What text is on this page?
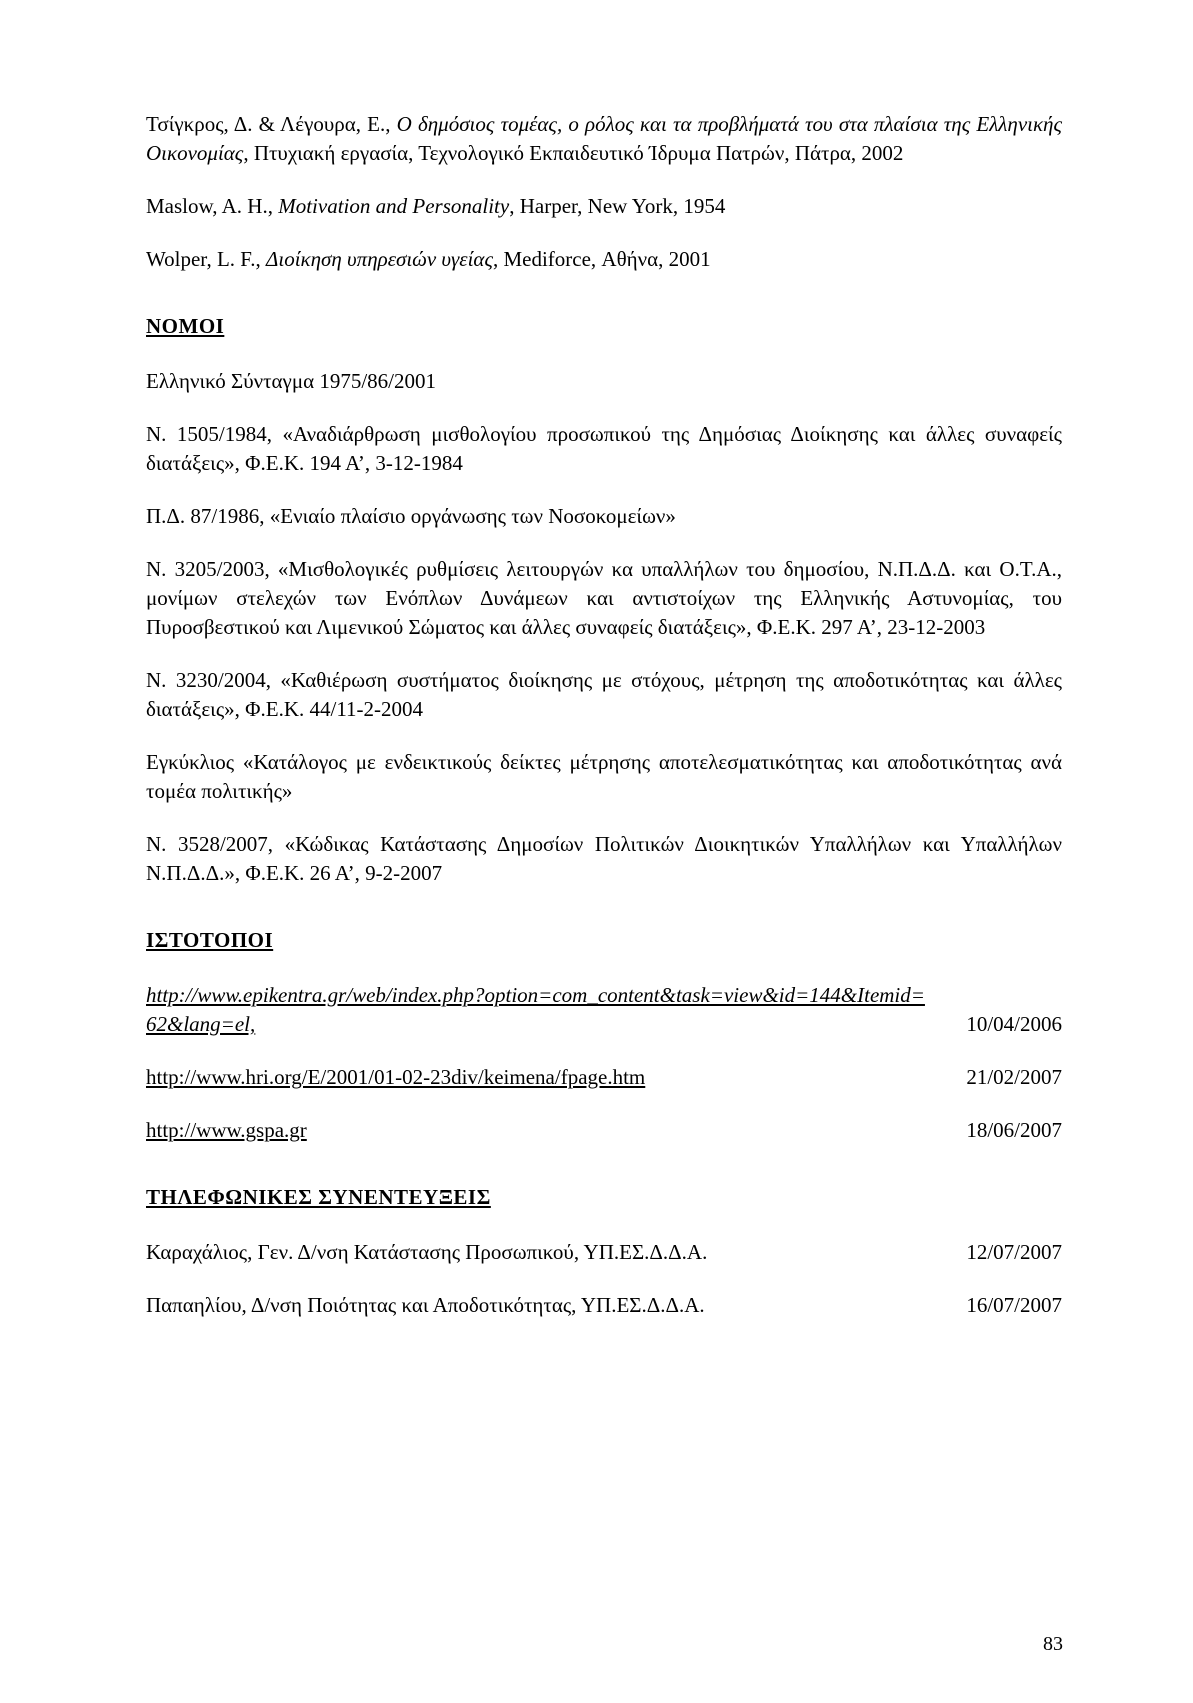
Τσίγκρος, Δ. & Λέγουρα, Ε., Ο δημόσιος τομέας, ο ρόλος και τα προβλήματά του στα πλαίσια της Ελληνικής Οικονομίας, Πτυχιακή εργασία, Τεχνολογικό Εκπαιδευτικό Ίδρυμα Πατρών, Πάτρα, 2002
Maslow, A. H., Motivation and Personality, Harper, New York, 1954
Wolper, L. F., Διοίκηση υπηρεσιών υγείας, Mediforce, Αθήνα, 2001
ΝΟΜΟΙ
Ελληνικό Σύνταγμα 1975/86/2001
Ν. 1505/1984, «Αναδιάρθρωση μισθολογίου προσωπικού της Δημόσιας Διοίκησης και άλλες συναφείς διατάξεις», Φ.Ε.Κ. 194 Α’, 3-12-1984
Π.Δ. 87/1986, «Ενιαίο πλαίσιο οργάνωσης των Νοσοκομείων»
Ν. 3205/2003, «Μισθολογικές ρυθμίσεις λειτουργών κα υπαλλήλων του δημοσίου, Ν.Π.Δ.Δ. και Ο.Τ.Α., μονίμων στελεχών των Ενόπλων Δυνάμεων και αντιστοίχων της Ελληνικής Αστυνομίας, του Πυροσβεστικού και Λιμενικού Σώματος και άλλες συναφείς διατάξεις», Φ.Ε.Κ. 297 Α’, 23-12-2003
Ν. 3230/2004, «Καθιέρωση συστήματος διοίκησης με στόχους, μέτρηση της αποδοτικότητας και άλλες διατάξεις», Φ.Ε.Κ. 44/11-2-2004
Εγκύκλιος «Κατάλογος με ενδεικτικούς δείκτες μέτρησης αποτελεσματικότητας και αποδοτικότητας ανά τομέα πολιτικής»
Ν. 3528/2007, «Κώδικας Κατάστασης Δημοσίων Πολιτικών Διοικητικών Υπαλλήλων και Υπαλλήλων Ν.Π.Δ.Δ.», Φ.Ε.Κ. 26 Α’, 9-2-2007
ΙΣΤΟΤΟΠΟΙ
http://www.epikentra.gr/web/index.php?option=com_content&task=view&id=144&Itemid=62&lang=el,	10/04/2006
http://www.hri.org/E/2001/01-02-23div/keimena/fpage.htm	21/02/2007
http://www.gspa.gr	18/06/2007
ΤΗΛΕΦΩΝΙΚΕΣ ΣΥΝΕΝΤΕΥΞΕΙΣ
Καραχάλιος, Γεν. Δ/νση Κατάστασης Προσωπικού, ΥΠ.ΕΣ.Δ.Δ.Α.	12/07/2007
Παπαηλίου, Δ/νση Ποιότητας και Αποδοτικότητας, ΥΠ.ΕΣ.Δ.Δ.Α.	16/07/2007
83
